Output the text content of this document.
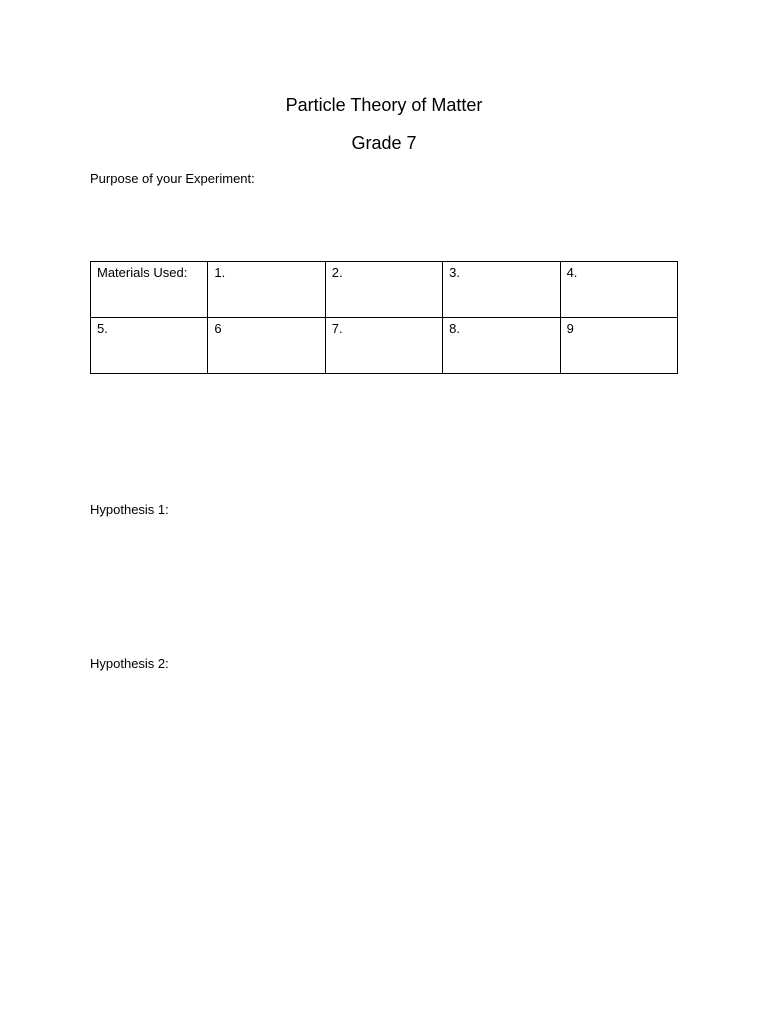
Particle Theory of Matter
Grade 7
Purpose of your Experiment:
Materials Used:	1.	2.	3.	4.
5.	6	7.	8.	9
Hypothesis 1:
Hypothesis 2:
